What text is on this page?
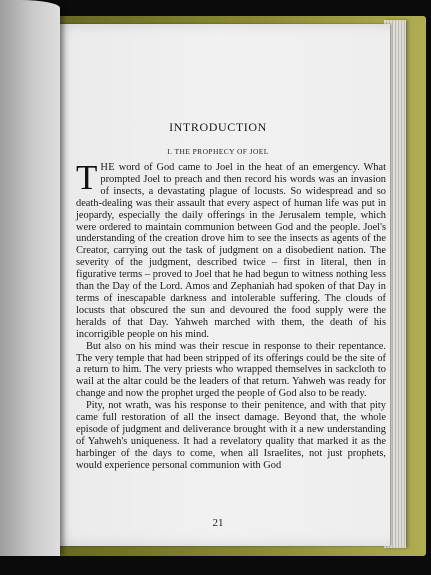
INTRODUCTION
I. THE PROPHECY OF JOEL

THE word of God came to Joel in the heat of an emergency. What prompted Joel to preach and then record his words was an invasion of insects, a devastating plague of locusts. So widespread and so death-dealing was their assault that every aspect of human life was put in jeopardy, especially the daily offerings in the Jerusalem temple, which were ordered to maintain communion between God and the people. Joel's understanding of the creation drove him to see the insects as agents of the Creator, carrying out the task of judgment on a disobedient nation. The severity of the judgment, described twice – first in literal, then in figurative terms – proved to Joel that he had begun to witness nothing less than the Day of the Lord. Amos and Zephaniah had spoken of that Day in terms of inescapable darkness and intolerable suffering. The clouds of locusts that obscured the sun and devoured the food supply were the heralds of that Day. Yahweh marched with them, the death of his incorrigible people on his mind.

But also on his mind was their rescue in response to their repentance. The very temple that had been stripped of its offerings could be the site of a return to him. The very priests who wrapped themselves in sackcloth to wail at the altar could be the leaders of that return. Yahweh was ready for change and now the prophet urged the people of God also to be ready.

Pity, not wrath, was his response to their penitence, and with that pity came full restoration of all the insect damage. Beyond that, the whole episode of judgment and deliverance brought with it a new understanding of Yahweh's uniqueness. It had a revelatory quality that marked it as the harbinger of the days to come, when all Israelites, not just prophets, would experience personal communion with God

21
